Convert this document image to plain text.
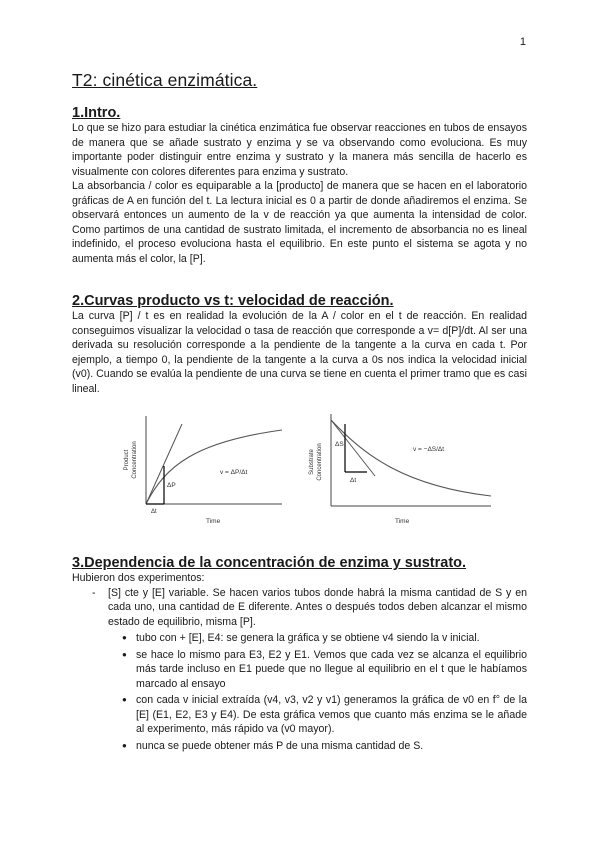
1
T2: cinética enzimática.
1.Intro.

Lo que se hizo para estudiar la cinética enzimática fue observar reacciones en tubos de ensayos de manera que se añade sustrato y enzima y se va observando como evoluciona. Es muy importante poder distinguir entre enzima y sustrato y la manera más sencilla de hacerlo es visualmente con colores diferentes para enzima y sustrato.

La absorbancia / color es equiparable a la [producto] de manera que se hacen en el laboratorio gráficas de A en función del t. La lectura inicial es 0 a partir de donde añadiremos el enzima. Se observará entonces un aumento de la v de reacción ya que aumenta la intensidad de color. Como partimos de una cantidad de sustrato limitada, el incremento de absorbancia no es lineal indefinido, el proceso evoluciona hasta el equilibrio. En este punto el sistema se agota y no aumenta más el color, la [P].

2.Curvas producto vs t: velocidad de reacción.

La curva [P] / t es en realidad la evolución de la A / color en el t de reacción. En realidad conseguimos visualizar la velocidad o tasa de reacción que corresponde a v= d[P]/dt. Al ser una derivada su resolución corresponde a la pendiente de la tangente a la curva en cada t. Por ejemplo, a tiempo 0, la pendiente de la tangente a la curva a 0s nos indica la velocidad inicial (v0). Cuando se evalúa la pendiente de una curva se tiene en cuenta el primer tramo que es casi lineal.

ΔP
Δt
v = ΔP/Δt
Time
Product Concentration	ΔS
Δt
v = −ΔS/Δt
Time
Substrate Concentration
3.Dependencia de la concentración de enzima y sustrato.

Hubieron dos experimentos:

- [S] cte y [E] variable. Se hacen varios tubos donde habrá la misma cantidad de S y en cada uno, una cantidad de E diferente. Antes o después todos deben alcanzar el mismo estado de equilibrio, misma [P].
● tubo con + [E], E4: se genera la gráfica y se obtiene v4 siendo la v inicial.
● se hace lo mismo para E3, E2 y E1. Vemos que cada vez se alcanza el equilibrio más tarde incluso en E1 puede que no llegue al equilibrio en el t que le habíamos marcado al ensayo
● con cada v inicial extraída (v4, v3, v2 y v1) generamos la gráfica de v0 en f° de la [E] (E1, E2, E3 y E4). De esta gráfica vemos que cuanto más enzima se le añade al experimento, más rápido va (v0 mayor).
● nunca se puede obtener más P de una misma cantidad de S.
